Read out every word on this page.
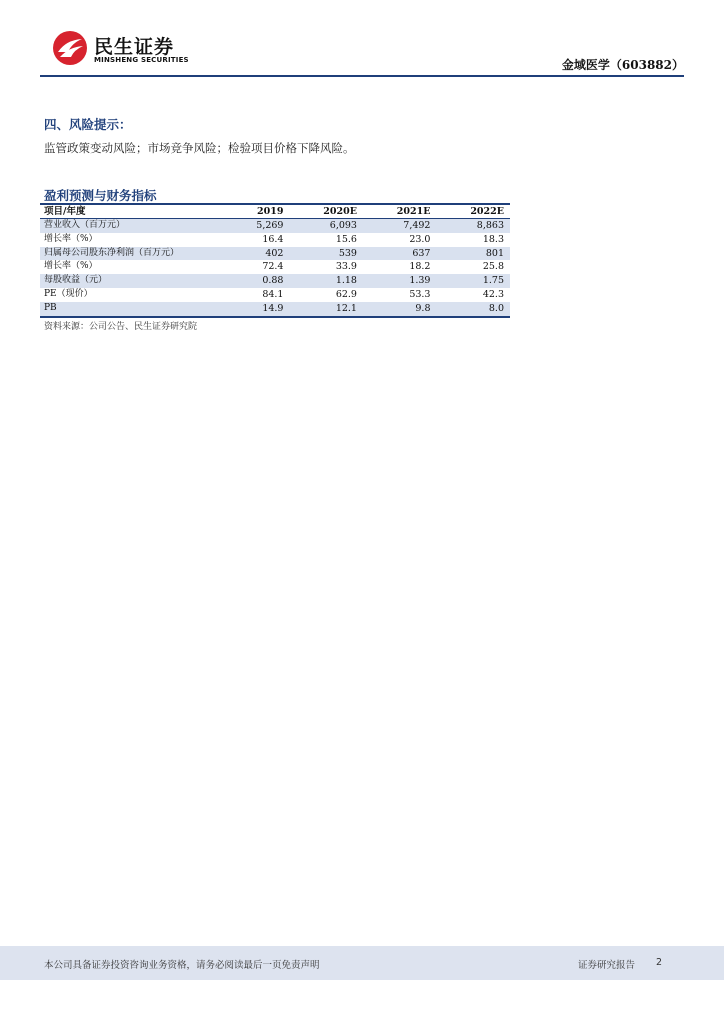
民生证券
MINSHENG SECURITIES	金域医学（603882）
四、风险提示：
监管政策变动风险；市场竞争风险；检验项目价格下降风险。
盈利预测与财务指标
项目/年度	2019	2020E	2021E	2022E
营业收入（百万元）	5,269	6,093	7,492	8,863
增长率（%）	16.4	15.6	23.0	18.3
归属母公司股东净利润（百万元）	402	539	637	801
增长率（%）	72.4	33.9	18.2	25.8
每股收益（元）	0.88	1.18	1.39	1.75
PE（现价）	84.1	62.9	53.3	42.3
PB	14.9	12.1	9.8	8.0
资料来源：公司公告、民生证券研究院
本公司具备证券投资咨询业务资格，请务必阅读最后一页免责声明	证券研究报告 2
